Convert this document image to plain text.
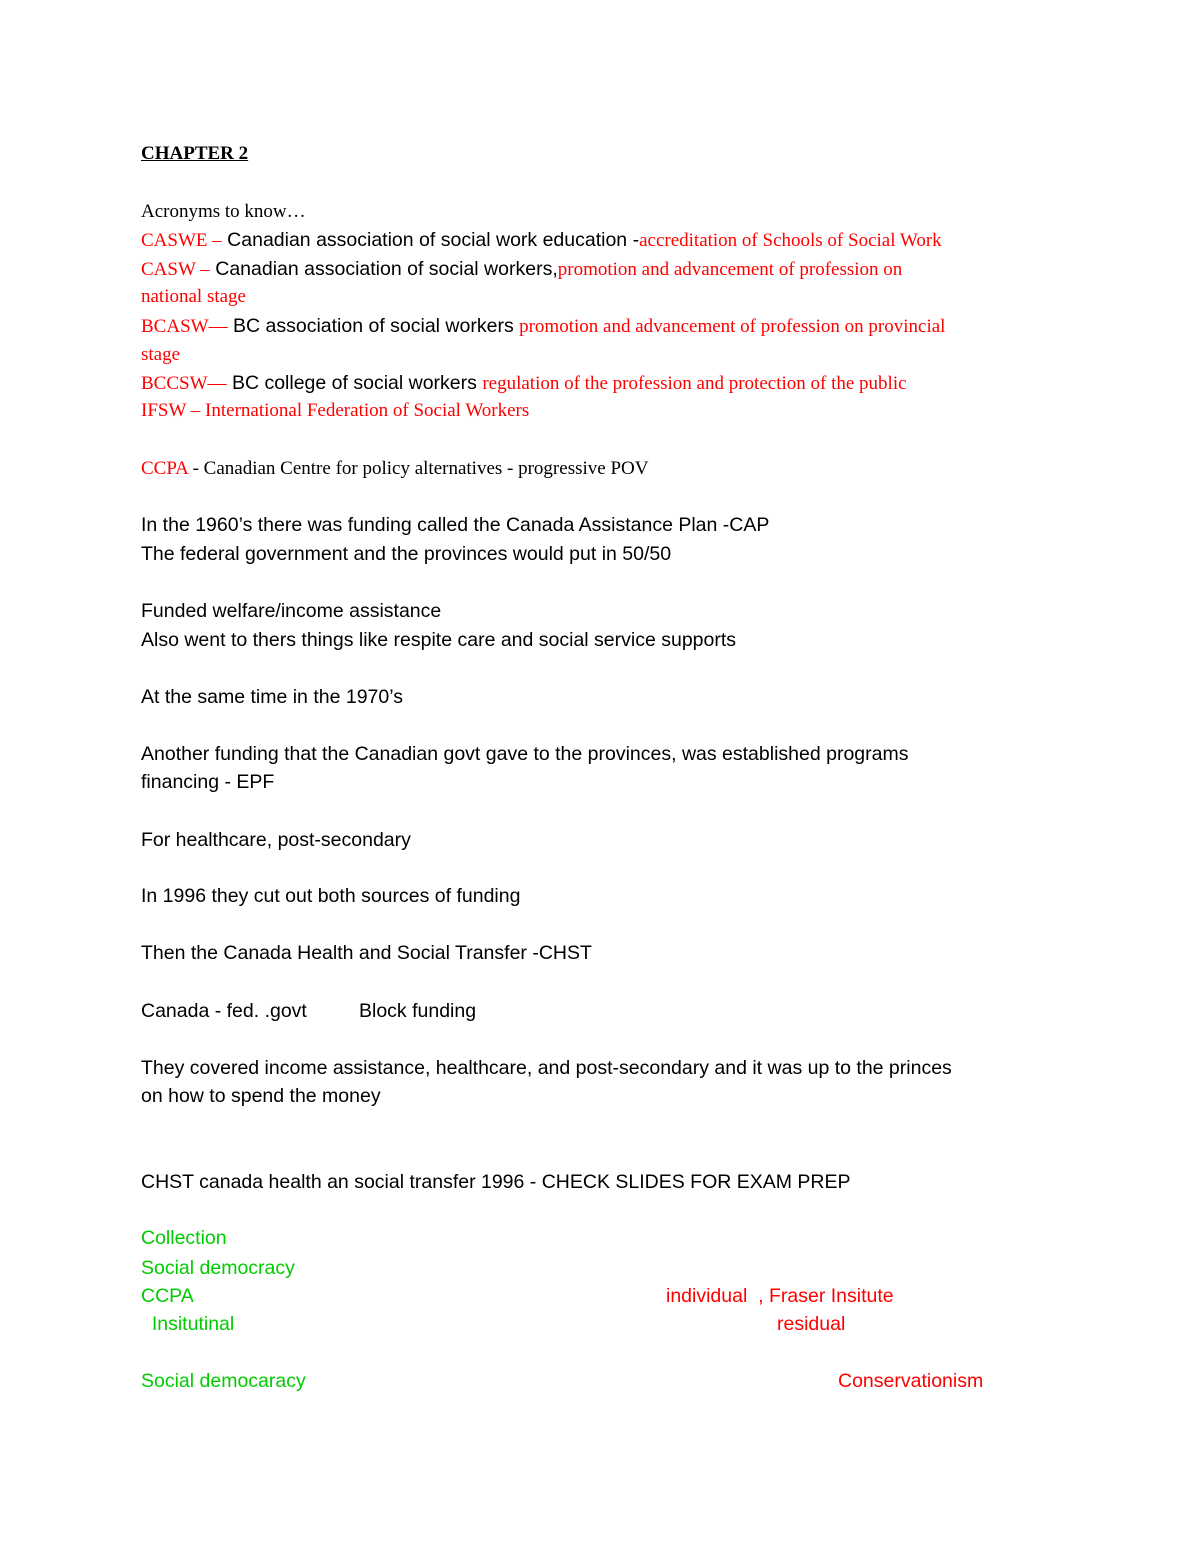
CHAPTER 2
Acronyms to know…
CASWE – Canadian association of social work education -accreditation of Schools of Social Work
CASW – Canadian association of social workers,promotion and advancement of profession on
national stage
BCASW— BC association of social workers promotion and advancement of profession on provincial
stage
BCCSW— BC college of social workers regulation of the profession and protection of the public
IFSW – International Federation of Social Workers
CCPA - Canadian Centre for policy alternatives - progressive POV
In the 1960’s there was funding called the Canada Assistance Plan -CAP
The federal government and the provinces would put in 50/50
Funded welfare/income assistance
Also went to thers things like respite care and social service supports
At the same time in the 1970’s
Another funding that the Canadian govt gave to the provinces, was established programs
financing - EPF
For healthcare, post-secondary
In 1996 they cut out both sources of funding
Then the Canada Health and Social Transfer -CHST
Canada - fed. .govt	Block funding
They covered income assistance, healthcare, and post-secondary and it was up to the princes
on how to spend the money
CHST canada health an social transfer 1996 - CHECK SLIDES FOR EXAM PREP
Collection
Social democracy
CCPA
Insitutinal
Social democaracy
individual  , Fraser Insitute
residual
Conservationism
